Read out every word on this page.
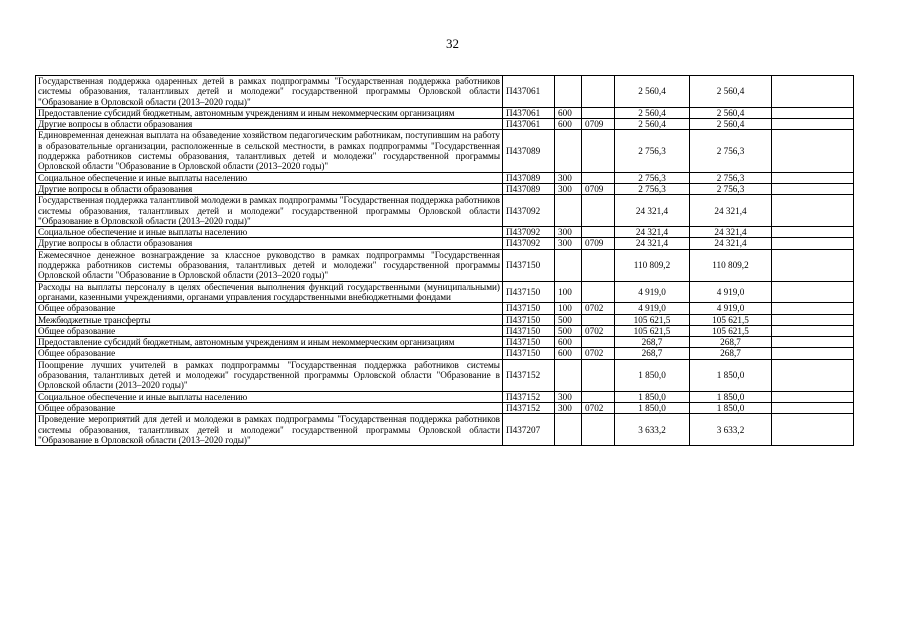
32
Государственная поддержка одаренных детей в рамках подпрограммы "Государственная поддержка работников системы образования, талантливых детей и молодежи" государственной программы Орловской области "Образование в Орловской области (2013–2020 годы)"	П437061			2 560,4	2 560,4	
Предоставление субсидий бюджетным, автономным учреждениям и иным некоммерческим организациям	П437061	600		2 560,4	2 560,4	
Другие вопросы в области образования	П437061	600	0709	2 560,4	2 560,4	
Единовременная денежная выплата на обзаведение хозяйством педагогическим работникам, поступившим на работу в образовательные организации, расположенные в сельской местности, в рамках подпрограммы "Государственная поддержка работников системы образования, талантливых детей и молодежи" государственной программы Орловской области "Образование в Орловской области (2013–2020 годы)"	П437089			2 756,3	2 756,3	
Социальное обеспечение и иные выплаты населению	П437089	300		2 756,3	2 756,3	
Другие вопросы в области образования	П437089	300	0709	2 756,3	2 756,3	
Государственная поддержка талантливой молодежи в рамках подпрограммы "Государственная поддержка работников системы образования, талантливых детей и молодежи" государственной программы Орловской области "Образование в Орловской области (2013–2020 годы)"	П437092			24 321,4	24 321,4	
Социальное обеспечение и иные выплаты населению	П437092	300		24 321,4	24 321,4	
Другие вопросы в области образования	П437092	300	0709	24 321,4	24 321,4	
Ежемесячное денежное вознаграждение за классное руководство в рамках подпрограммы "Государственная поддержка работников системы образования, талантливых детей и молодежи" государственной программы Орловской области "Образование в Орловской области (2013–2020 годы)"	П437150			110 809,2	110 809,2	
Расходы на выплаты персоналу в целях обеспечения выполнения функций государственными (муниципальными) органами, казенными учреждениями, органами управления государственными внебюджетными фондами	П437150	100		4 919,0	4 919,0	
Общее образование	П437150	100	0702	4 919,0	4 919,0	
Межбюджетные трансферты	П437150	500		105 621,5	105 621,5	
Общее образование	П437150	500	0702	105 621,5	105 621,5	
Предоставление субсидий бюджетным, автономным учреждениям и иным некоммерческим организациям	П437150	600		268,7	268,7	
Общее образование	П437150	600	0702	268,7	268,7	
Поощрение лучших учителей в рамках подпрограммы "Государственная поддержка работников системы образования, талантливых детей и молодежи" государственной программы Орловской области "Образование в Орловской области (2013–2020 годы)"	П437152			1 850,0	1 850,0	
Социальное обеспечение и иные выплаты населению	П437152	300		1 850,0	1 850,0	
Общее образование	П437152	300	0702	1 850,0	1 850,0	
Проведение мероприятий для детей и молодежи в рамках подпрограммы "Государственная поддержка работников системы образования, талантливых детей и молодежи" государственной программы Орловской области "Образование в Орловской области (2013–2020 годы)"	П437207			3 633,2	3 633,2	
